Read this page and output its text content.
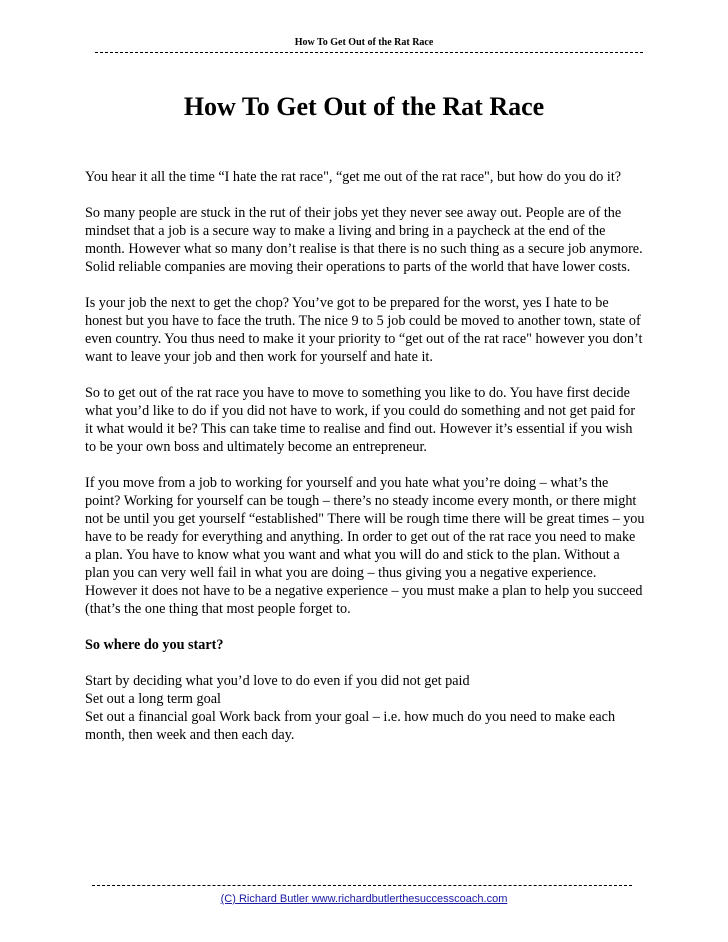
How To Get Out of the Rat Race
How To Get Out of the Rat Race

You hear it all the time “I hate the rat race", “get me out of the rat race", but how do you do it?

So many people are stuck in the rut of their jobs yet they never see away out. People are of the mindset that a job is a secure way to make a living and bring in a paycheck at the end of the month. However what so many don’t realise is that there is no such thing as a secure job anymore. Solid reliable companies are moving their operations to parts of the world that have lower costs.

Is your job the next to get the chop? You’ve got to be prepared for the worst, yes I hate to be honest but you have to face the truth. The nice 9 to 5 job could be moved to another town, state of even country. You thus need to make it your priority to “get out of the rat race" however you don’t want to leave your job and then work for yourself and hate it.

So to get out of the rat race you have to move to something you like to do. You have first decide what you’d like to do if you did not have to work, if you could do something and not get paid for it what would it be? This can take time to realise and find out. However it’s essential if you wish to be your own boss and ultimately become an entrepreneur.

If you move from a job to working for yourself and you hate what you’re doing – what’s the point? Working for yourself can be tough – there’s no steady income every month, or there might not be until you get yourself “established" There will be rough time there will be great times – you have to be ready for everything and anything. In order to get out of the rat race you need to make a plan. You have to know what you want and what you will do and stick to the plan. Without a plan you can very well fail in what you are doing – thus giving you a negative experience. However it does not have to be a negative experience – you must make a plan to help you succeed (that’s the one thing that most people forget to.

So where do you start?

Start by deciding what you’d love to do even if you did not get paid
Set out a long term goal
Set out a financial goal Work back from your goal – i.e. how much do you need to make each month, then week and then each day.

(C) Richard Butler www.richardbutlerthesuccesscoach.com
